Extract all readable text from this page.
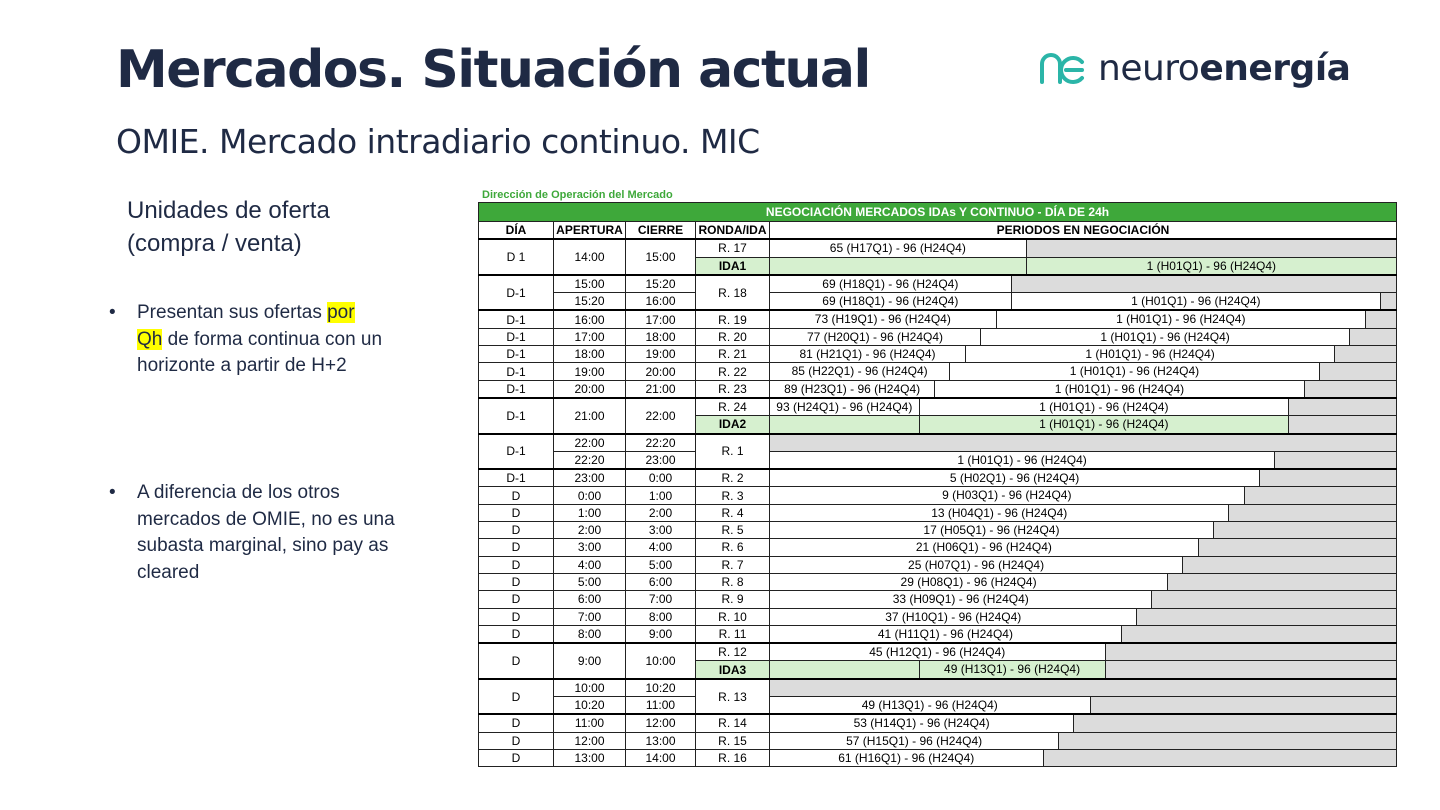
Mercados. Situación actual
OMIE. Mercado intradiario continuo. MIC
neuroenergía
Unidades de oferta
(compra / venta)
• Presentan sus ofertas por
Qh de forma continua con un horizonte a partir de H+2
• A diferencia de los otros mercados de OMIE, no es una subasta marginal, sino pay as cleared
Dirección de Operación del Mercado
NEGOCIACIÓN MERCADOS IDAs Y CONTINUO - DÍA DE 24h				
DÍA	APERTURA	CIERRE	RONDA/IDA	PERIODOS EN NEGOCIACIÓN
D 1	14:00	15:00	R. 17	65 (H17Q1) - 96 (H24Q4)

			IDA1	1 (H01Q1) - 96 (H24Q4)

D-1	15:00	15:20	R. 18	69 (H18Q1) - 96 (H24Q4)

	15:20	16:00		69 (H18Q1) - 96 (H24Q4) 1 (H01Q1) - 96 (H24Q4)

D-1	16:00	17:00	R. 19	73 (H19Q1) - 96 (H24Q4) 1 (H01Q1) - 96 (H24Q4)

D-1	17:00	18:00	R. 20	77 (H20Q1) - 96 (H24Q4) 1 (H01Q1) - 96 (H24Q4)

D-1	18:00	19:00	R. 21	81 (H21Q1) - 96 (H24Q4) 1 (H01Q1) - 96 (H24Q4)

D-1	19:00	20:00	R. 22	85 (H22Q1) - 96 (H24Q4) 1 (H01Q1) - 96 (H24Q4)

D-1	20:00	21:00	R. 23	89 (H23Q1) - 96 (H24Q4) 1 (H01Q1) - 96 (H24Q4)

D-1	21:00	22:00	R. 24	93 (H24Q1) - 96 (H24Q4) 1 (H01Q1) - 96 (H24Q4)

			IDA2	1 (H01Q1) - 96 (H24Q4)

D-1	22:00	22:20	R. 1	

	22:20	23:00		1 (H01Q1) - 96 (H24Q4)

D-1	23:00	0:00	R. 2	5 (H02Q1) - 96 (H24Q4)

D	0:00	1:00	R. 3	9 (H03Q1) - 96 (H24Q4)

D	1:00	2:00	R. 4	13 (H04Q1) - 96 (H24Q4)

D	2:00	3:00	R. 5	17 (H05Q1) - 96 (H24Q4)

D	3:00	4:00	R. 6	21 (H06Q1) - 96 (H24Q4)

D	4:00	5:00	R. 7	25 (H07Q1) - 96 (H24Q4)

D	5:00	6:00	R. 8	29 (H08Q1) - 96 (H24Q4)

D	6:00	7:00	R. 9	33 (H09Q1) - 96 (H24Q4)

D	7:00	8:00	R. 10	37 (H10Q1) - 96 (H24Q4)

D	8:00	9:00	R. 11	41 (H11Q1) - 96 (H24Q4)

D	9:00	10:00	R. 12	45 (H12Q1) - 96 (H24Q4)

			IDA3	49 (H13Q1) - 96 (H24Q4)

D	10:00	10:20	R. 13	

	10:20	11:00		49 (H13Q1) - 96 (H24Q4)

D	11:00	12:00	R. 14	53 (H14Q1) - 96 (H24Q4)

D	12:00	13:00	R. 15	57 (H15Q1) - 96 (H24Q4)

D	13:00	14:00	R. 16	61 (H16Q1) - 96 (H24Q4)
